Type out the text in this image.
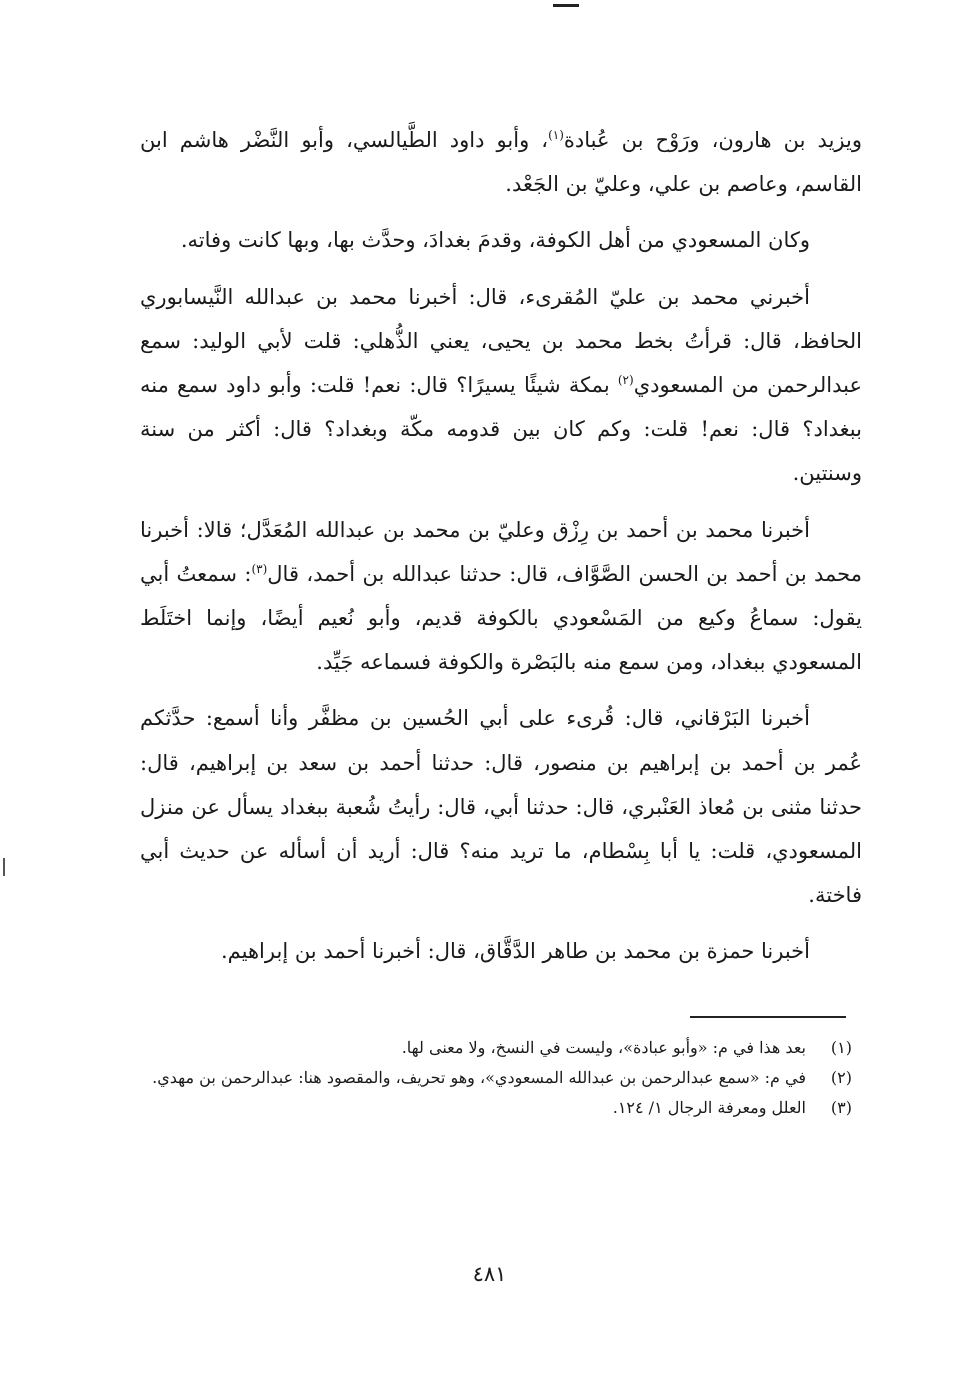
ويزيد بن هارون، ورَوْح بن عُبادة$^{(١)}$، وأبو داود الطَّيالسي، وأبو النَّضْر هاشم ابن القاسم، وعاصم بن علي، وعليّ بن الجَعْد.

وكان المسعودي من أهل الكوفة، وقدمَ بغدادَ، وحدَّث بها، وبها كانت وفاته.

أخبرني محمد بن عليّ المُقرىء، قال: أخبرنا محمد بن عبدالله النَّيسابوري الحافظ، قال: قرأتُ بخط محمد بن يحيى، يعني الذُّهلي: قلت لأبي الوليد: سمع عبدالرحمن من المسعودي$^{(٢)}$ بمكة شيئًا يسيرًا؟ قال: نعم! قلت: وأبو داود سمع منه ببغداد؟ قال: نعم! قلت: وكم كان بين قدومه مكّة وبغداد؟ قال: أكثر من سنة وسنتين.

أخبرنا محمد بن أحمد بن رِزْق وعليّ بن محمد بن عبدالله المُعَدَّل؛ قالا: أخبرنا محمد بن أحمد بن الحسن الصَّوَّاف، قال: حدثنا عبدالله بن أحمد، قال$^{(٣)}$: سمعتُ أبي يقول: سماعُ وكيع من المَسْعودي بالكوفة قديم، وأبو نُعيم أيضًا، وإنما اختَلَط المسعودي ببغداد، ومن سمع منه بالبَصْرة والكوفة فسماعه جَيِّد.

أخبرنا البَرْقاني، قال: قُرىء على أبي الحُسين بن مظفَّر وأنا أسمع: حدَّثكم عُمر بن أحمد بن إبراهيم بن منصور، قال: حدثنا أحمد بن سعد بن إبراهيم، قال: حدثنا مثنى بن مُعاذ العَنْبري، قال: حدثنا أبي، قال: رأيتُ شُعبة ببغداد يسأل عن منزل المسعودي، قلت: يا أبا بِسْطام، ما تريد منه؟ قال: أريد أن أسأله عن حديث أبي فاختة.

أخبرنا حمزة بن محمد بن طاهر الدَّقَّاق، قال: أخبرنا أحمد بن إبراهيم.

(١)
بعد هذا في م: «وأبو عبادة»، وليست في النسخ، ولا معنى لها.

(٢)
في م: «سمع عبدالرحمن بن عبدالله المسعودي»، وهو تحريف، والمقصود هنا: عبدالرحمن بن مهدي.

(٣)
العلل ومعرفة الرجال ١/ ١٢٤.

٤٨١
